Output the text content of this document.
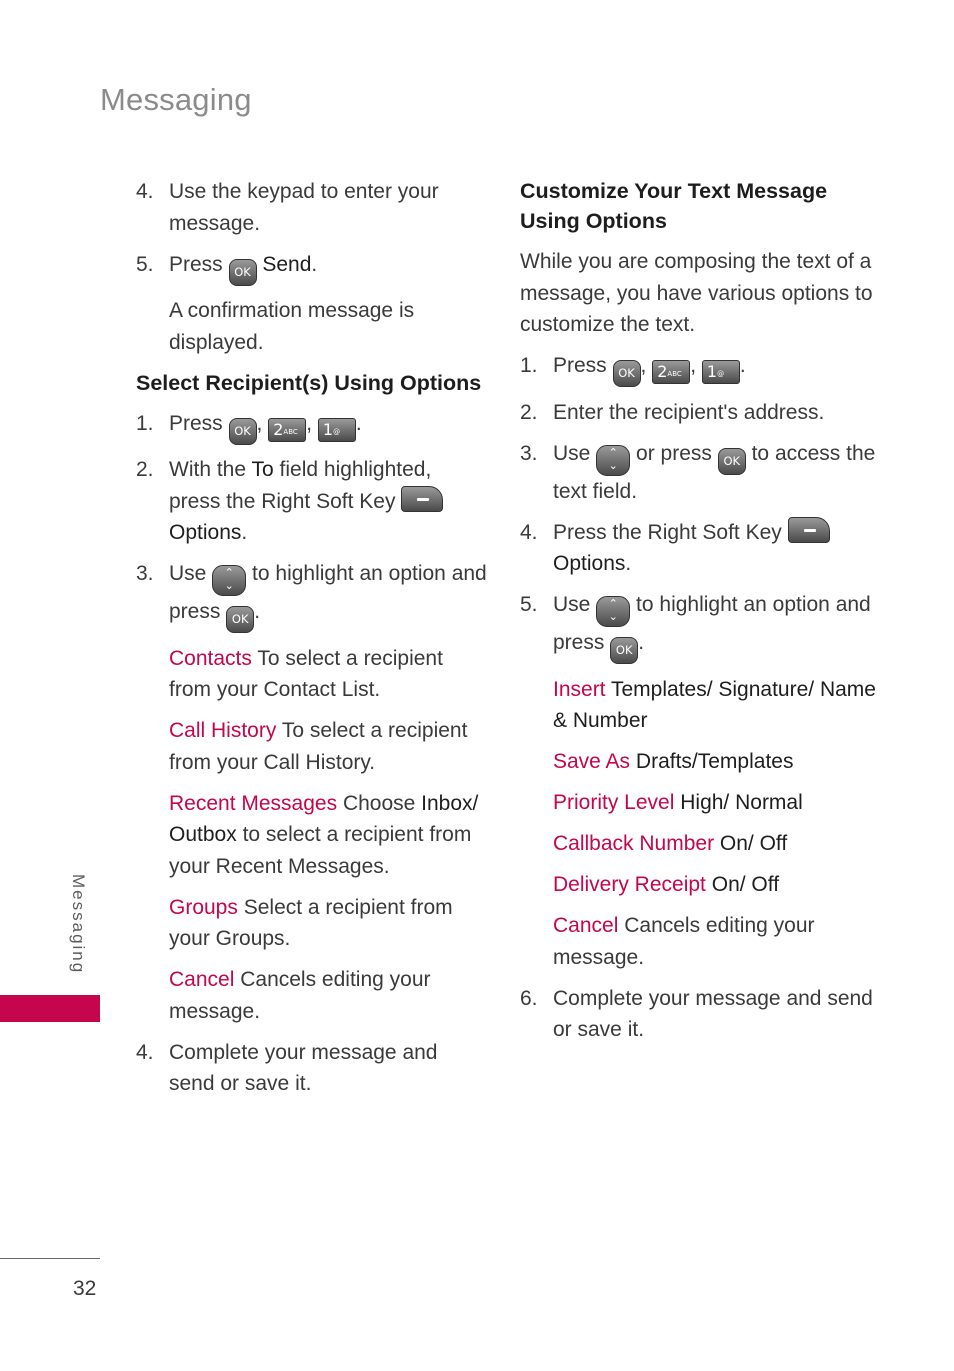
Messaging

4. Use the keypad to enter your message.

5. Press OK Send.

A confirmation message is displayed.

Select Recipient(s) Using Options

1. Press OK , $2^{ABC}$ , 1@ .

2. With the To field highlighted, press the Right Soft Key  Options.

3. Use ⌃
⌄ to highlight an option and press OK .

Contacts To select a recipient from your Contact List.

Call History To select a recipient from your Call History.

Recent Messages Choose Inbox/ Outbox to select a recipient from your Recent Messages.

Groups Select a recipient from your Groups.

Cancel Cancels editing your message.

4. Complete your message and send or save it.

Customize Your Text Message Using Options

While you are composing the text of a message, you have various options to customize the text.

1. Press OK , $2^{ABC}$ , 1@ .

2. Enter the recipient's address.

3. Use ⌃
⌄ or press OK to access the text field.

4. Press the Right Soft Key  Options.

5. Use ⌃
⌄ to highlight an option and press OK .

Insert Templates/ Signature/ Name & Number

Save As Drafts/Templates

Priority Level High/ Normal

Callback Number On/ Off

Delivery Receipt On/ Off

Cancel Cancels editing your message.

6. Complete your message and send or save it.

Messaging
32
